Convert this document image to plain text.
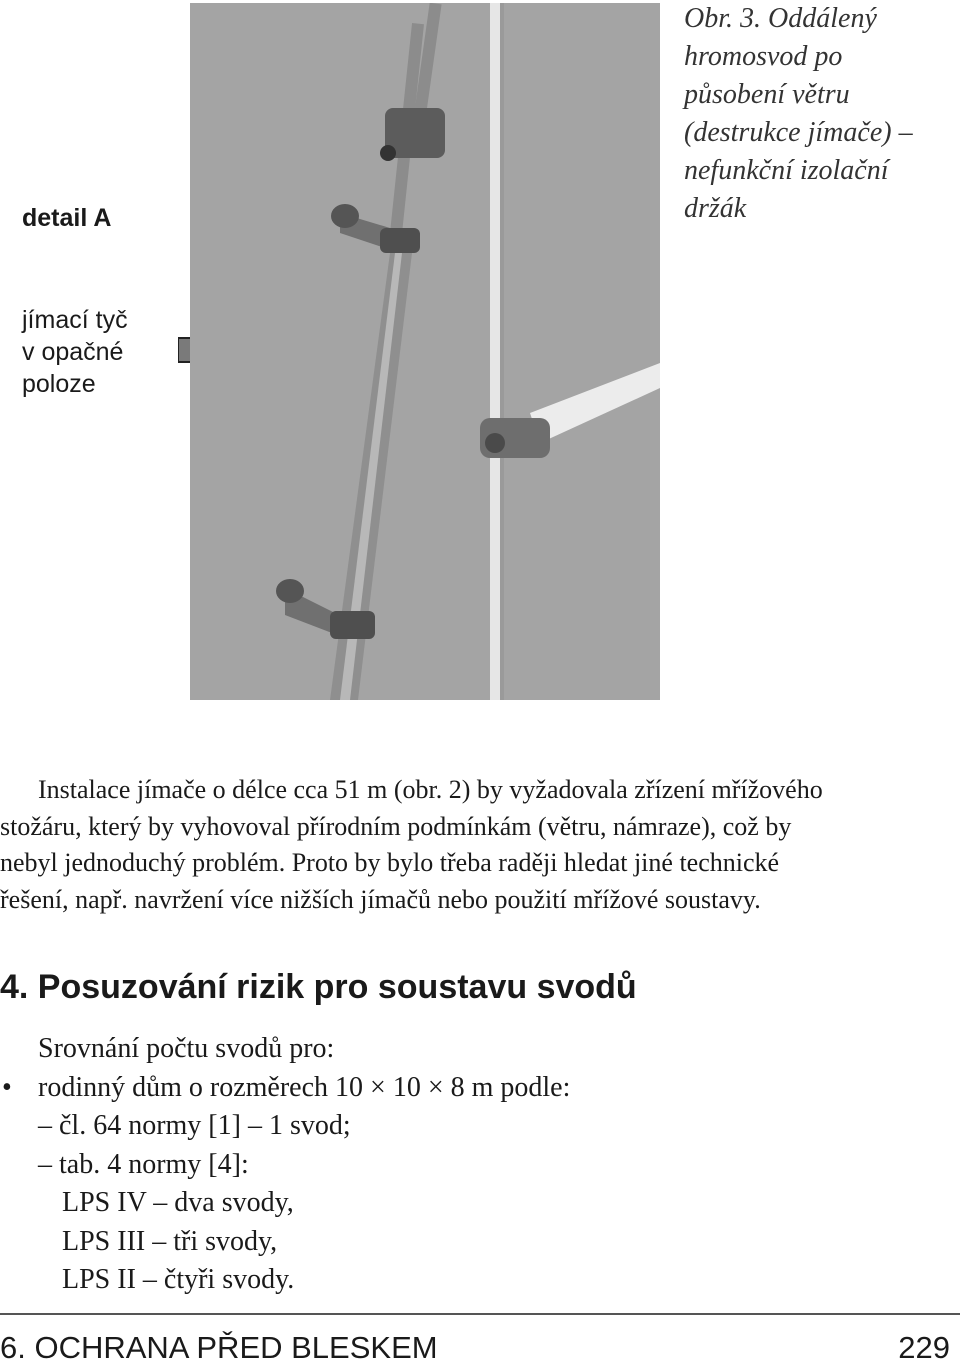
detail A
jímací tyč
v opačné
poloze
Obr. 3. Oddálený
hromosvod po
působení větru
(destrukce jímače) –
nefunkční izolační
držák

Instalace jímače o délce cca 51 m (obr. 2) by vyžadovala zřízení mřížového

stožáru, který by vyhovoval přírodním podmínkám (větru, námraze), což by

nebyl jednoduchý problém. Proto by bylo třeba raději hledat jiné technické

řešení, např. navržení více nižších jímačů nebo použití mřížové soustavy.

4. Posuzování rizik pro soustavu svodů
Srovnání počtu svodů pro:
• rodinný dům o rozměrech 10 × 10 × 8 m podle:
– čl. 64 normy [1] – 1 svod;
– tab. 4 normy [4]:
LPS IV – dva svody,
LPS III – tři svody,
LPS II – čtyři svody.
6. OCHRANA PŘED BLESKEM	229
